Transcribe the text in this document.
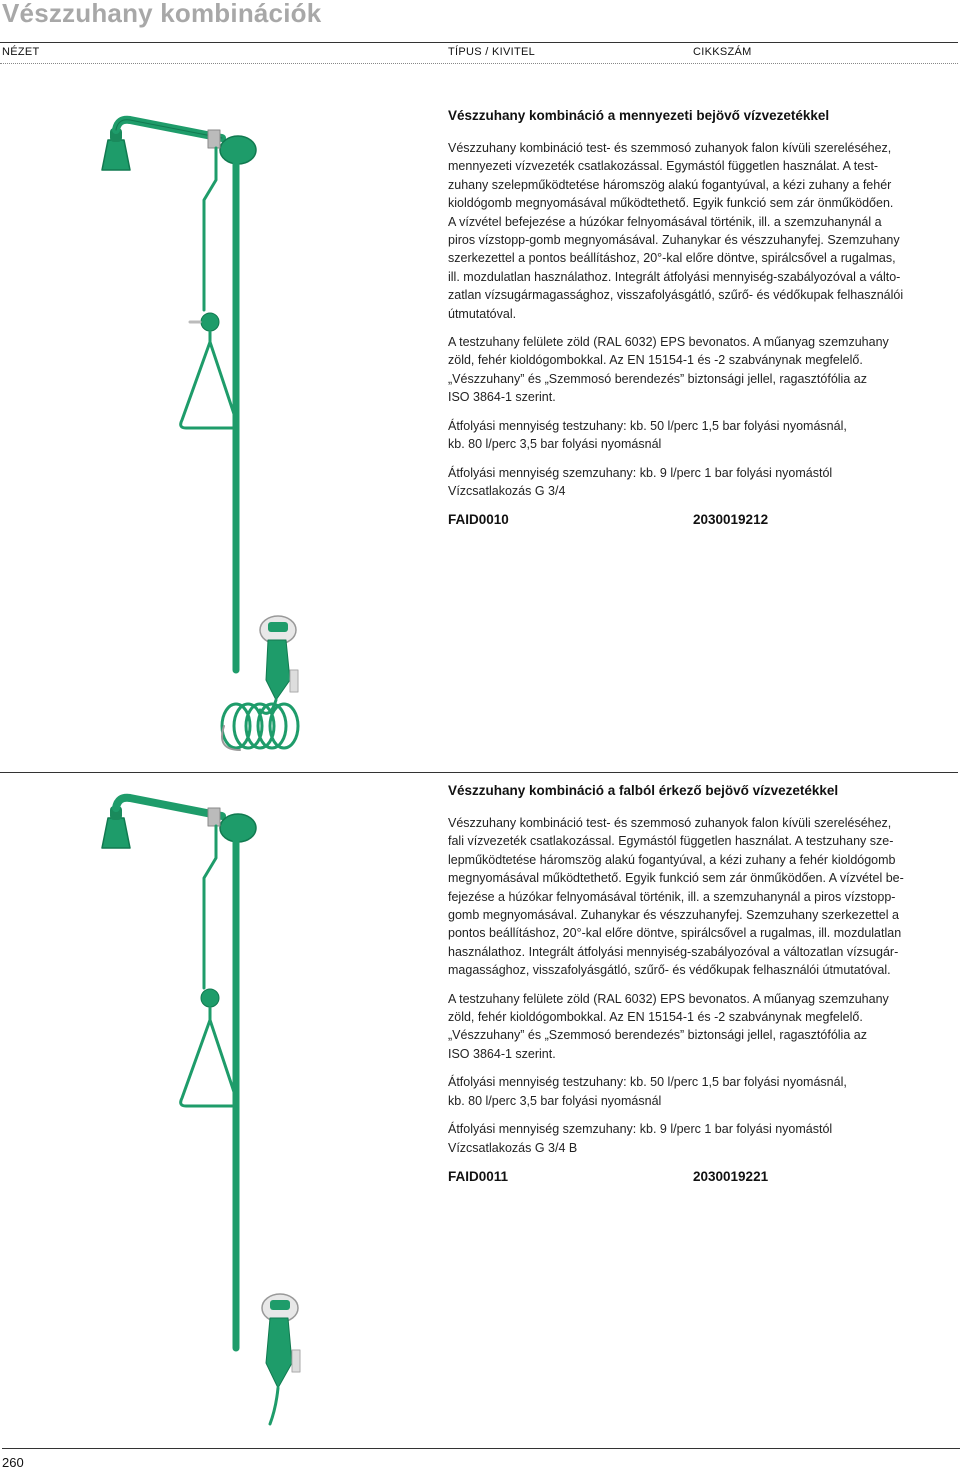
Vészzuhany kombinációk
NÉZET	TÍPUS / KIVITEL	CIKKSZÁM
Vészzuhany kombináció a mennyezeti bejövő vízvezetékkel

Vészzuhany kombináció test- és szemmosó zuhanyok falon kívüli szereléséhez,
mennyezeti vízvezeték csatlakozással. Egymástól független használat. A test-
zuhany szelepműködtetése háromszög alakú fogantyúval, a kézi zuhany a fehér
kioldógomb megnyomásával működtethető. Egyik funkció sem zár önműködően.
A vízvétel befejezése a húzókar felnyomásával történik, ill. a szemzuhanynál a
piros vízstopp-gomb megnyomásával. Zuhanykar és vészzuhanyfej. Szemzuhany
szerkezettel a pontos beállításhoz, 20°-kal előre döntve, spirálcsővel a rugalmas,
ill. mozdulatlan használathoz. Integrált átfolyási mennyiség-szabályozóval a válto-
zatlan vízsugármagassághoz, visszafolyásgátló, szűrő- és védőkupak felhasználói
útmutatóval.

A testzuhany felülete zöld (RAL 6032) EPS bevonatos. A műanyag szemzuhany
zöld, fehér kioldógombokkal. Az EN 15154-1 és -2 szabványnak megfelelő.
„Vészzuhany” és „Szemmosó berendezés” biztonsági jellel, ragasztófólia az
ISO 3864-1 szerint.

Átfolyási mennyiség testzuhany: kb. 50 l/perc 1,5 bar folyási nyomásnál,
kb. 80 l/perc 3,5 bar folyási nyomásnál

Átfolyási mennyiség szemzuhany: kb. 9 l/perc 1 bar folyási nyomástól
Vízcsatlakozás G 3/4

FAID0010	2030019212
Vészzuhany kombináció a falból érkező bejövő vízvezetékkel

Vészzuhany kombináció test- és szemmosó zuhanyok falon kívüli szereléséhez,
fali vízvezeték csatlakozással. Egymástól független használat. A testzuhany sze-
lepműködtetése háromszög alakú fogantyúval, a kézi zuhany a fehér kioldógomb
megnyomásával működtethető. Egyik funkció sem zár önműködően. A vízvétel be-
fejezése a húzókar felnyomásával történik, ill. a szemzuhanynál a piros vízstopp-
gomb megnyomásával. Zuhanykar és vészzuhanyfej. Szemzuhany szerkezettel a
pontos beállításhoz, 20°-kal előre döntve, spirálcsővel a rugalmas, ill. mozdulatlan
használathoz. Integrált átfolyási mennyiség-szabályozóval a változatlan vízsugár-
magassághoz, visszafolyásgátló, szűrő- és védőkupak felhasználói útmutatóval.

A testzuhany felülete zöld (RAL 6032) EPS bevonatos. A műanyag szemzuhany
zöld, fehér kioldógombokkal. Az EN 15154-1 és -2 szabványnak megfelelő.
„Vészzuhany” és „Szemmosó berendezés” biztonsági jellel, ragasztófólia az
ISO 3864-1 szerint.

Átfolyási mennyiség testzuhany: kb. 50 l/perc 1,5 bar folyási nyomásnál,
kb. 80 l/perc 3,5 bar folyási nyomásnál

Átfolyási mennyiség szemzuhany: kb. 9 l/perc 1 bar folyási nyomástól
Vízcsatlakozás G 3/4 B

FAID0011	2030019221
260
